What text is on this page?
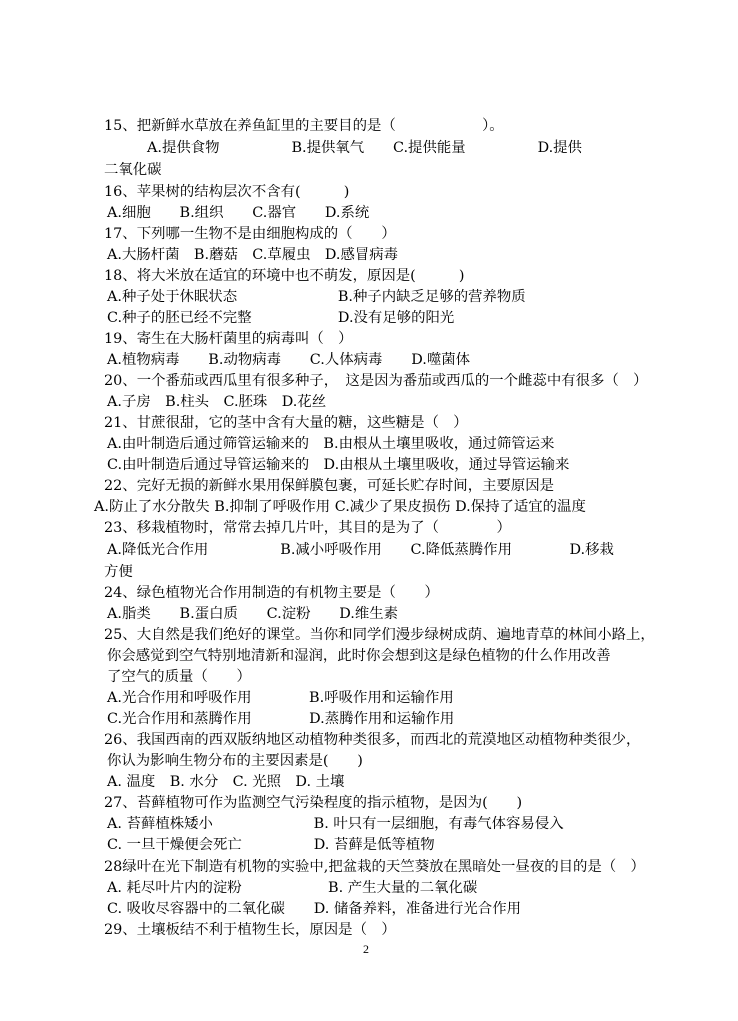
15、把新鲜水草放在养鱼缸里的主要目的是（　　　　　　）。
A.提供食物　　　　　B.提供氧气　　C.提供能量　　　　　D.提供
二氧化碳
16、苹果树的结构层次不含有(　　　)
A.细胞　　B.组织　　C.器官　　D.系统
17、下列哪一生物不是由细胞构成的（　　）
A.大肠杆菌　B.蘑菇　C.草履虫　D.感冒病毒
18、将大米放在适宜的环境中也不萌发，原因是(　　　)
A.种子处于休眠状态　　　　　　　B.种子内缺乏足够的营养物质
C.种子的胚已经不完整　　　　　　D.没有足够的阳光
19、寄生在大肠杆菌里的病毒叫（　）
A.植物病毒　　B.动物病毒　　C.人体病毒　　D.噬菌体
20、一个番茄或西瓜里有很多种子，　这是因为番茄或西瓜的一个雌蕊中有很多（　）
A.子房　B.柱头　C.胚珠　D.花丝
21、甘蔗很甜，它的茎中含有大量的糖，这些糖是（　）
A.由叶制造后通过筛管运输来的　B.由根从土壤里吸收，通过筛管运来
C.由叶制造后通过导管运输来的　D.由根从土壤里吸收，通过导管运输来
22、完好无损的新鲜水果用保鲜膜包裹，可延长贮存时间，主要原因是
A.防止了水分散失 B.抑制了呼吸作用 C.减少了果皮损伤 D.保持了适宜的温度
23、移栽植物时，常常去掉几片叶，其目的是为了（　　　　）
A.降低光合作用　　　　　B.减小呼吸作用　　C.降低蒸腾作用　　　　D.移栽
方便
24、绿色植物光合作用制造的有机物主要是（　　）
A.脂类　　B.蛋白质　　C.淀粉　　D.维生素
25、大自然是我们绝好的课堂。当你和同学们漫步绿树成荫、遍地青草的林间小路上，
你会感觉到空气特别地清新和湿润，此时你会想到这是绿色植物的什么作用改善
了空气的质量（　　）
A.光合作用和呼吸作用　　　　B.呼吸作用和运输作用
C.光合作用和蒸腾作用　　　　D.蒸腾作用和运输作用
26、我国西南的西双版纳地区动植物种类很多，而西北的荒漠地区动植物种类很少，
你认为影响生物分布的主要因素是(　　)
A. 温度　B. 水分　C. 光照　D. 土壤
27、苔藓植物可作为监测空气污染程度的指示植物，是因为(　　)
A. 苔藓植株矮小　　　　　　　B. 叶只有一层细胞，有毒气体容易侵入
C. 一旦干燥便会死亡　　　　　D. 苔藓是低等植物
28绿叶在光下制造有机物的实验中,把盆栽的天竺葵放在黑暗处一昼夜的目的是（　）
A. 耗尽叶片内的淀粉　　　　　　B. 产生大量的二氧化碳
C. 吸收尽容器中的二氧化碳　　D. 储备养料，准备进行光合作用
29、土壤板结不利于植物生长，原因是（　）
2
